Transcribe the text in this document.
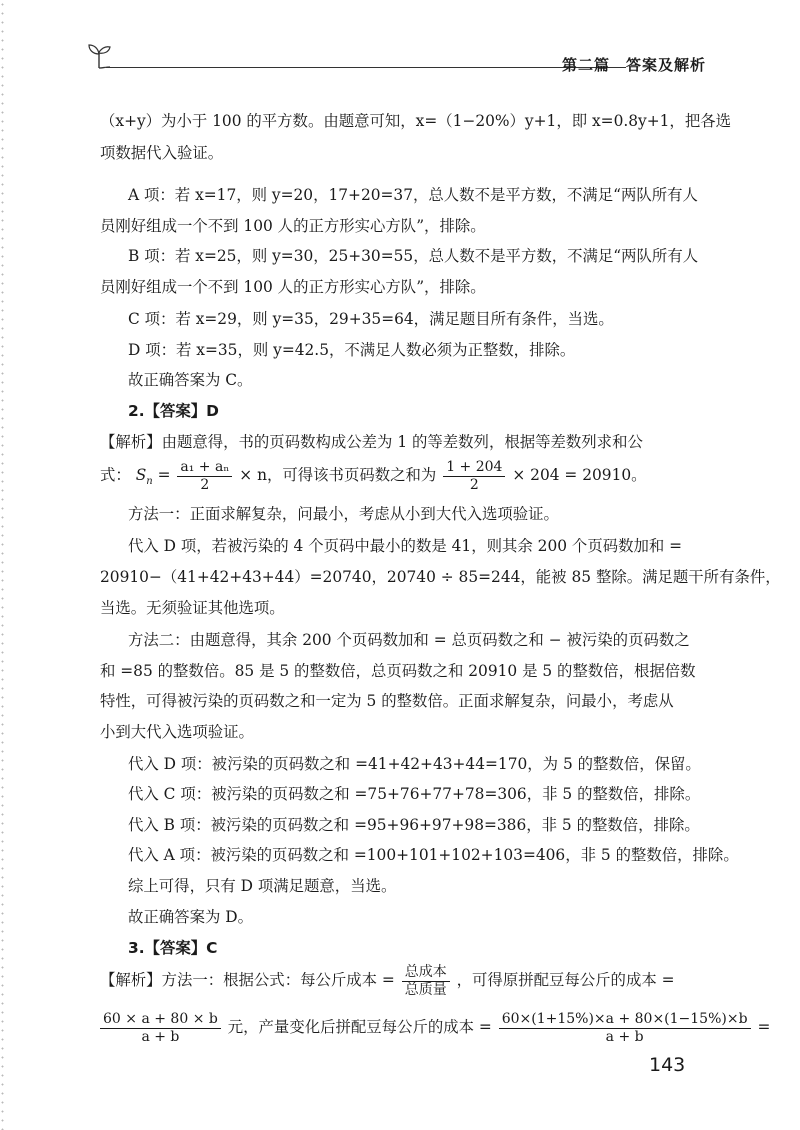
第二篇　答案及解析
（x+y）为小于 100 的平方数。由题意可知，x=（1−20%）y+1，即 x=0.8y+1，把各选
项数据代入验证。
A 项：若 x=17，则 y=20，17+20=37，总人数不是平方数，不满足“两队所有人
员刚好组成一个不到 100 人的正方形实心方队”，排除。
B 项：若 x=25，则 y=30，25+30=55，总人数不是平方数，不满足“两队所有人
员刚好组成一个不到 100 人的正方形实心方队”，排除。
C 项：若 x=29，则 y=35，29+35=64，满足题目所有条件，当选。
D 项：若 x=35，则 y=42.5，不满足人数必须为正整数，排除。
故正确答案为 C。
2.【答案】D
【解析】由题意得，书的页码数构成公差为 1 的等差数列，根据等差数列求和公
式： $S_n = \frac{\text{a₁ + aₙ}}{2} \times n$，可得该书页码数之和为 $\frac{1 + 204}{2} \times 204 = 20910$。
方法一：正面求解复杂，问最小，考虑从小到大代入选项验证。
代入 D 项，若被污染的 4 个页码中最小的数是 41，则其余 200 个页码数加和 =
20910−（41+42+43+44）=20740，20740 ÷ 85=244，能被 85 整除。满足题干所有条件，
当选。无须验证其他选项。
方法二：由题意得，其余 200 个页码数加和 = 总页码数之和 − 被污染的页码数之
和 =85 的整数倍。85 是 5 的整数倍，总页码数之和 20910 是 5 的整数倍，根据倍数
特性，可得被污染的页码数之和一定为 5 的整数倍。正面求解复杂，问最小，考虑从
小到大代入选项验证。
代入 D 项：被污染的页码数之和 =41+42+43+44=170，为 5 的整数倍，保留。
代入 C 项：被污染的页码数之和 =75+76+77+78=306，非 5 的整数倍，排除。
代入 B 项：被污染的页码数之和 =95+96+97+98=386，非 5 的整数倍，排除。
代入 A 项：被污染的页码数之和 =100+101+102+103=406，非 5 的整数倍，排除。
综上可得，只有 D 项满足题意，当选。
故正确答案为 D。
3.【答案】C
【解析】方法一：根据公式：每公斤成本 = $\frac{\text{总成本}}{\text{总质量}}$ ，可得原拼配豆每公斤的成本 =
$\frac{60 \times a + 80 \times b}{a + b}$ 元，产量变化后拼配豆每公斤的成本 = $\frac{60\times(1+15\%)\times a + 80\times(1-15\%)\times b}{a + b}$ =
143
